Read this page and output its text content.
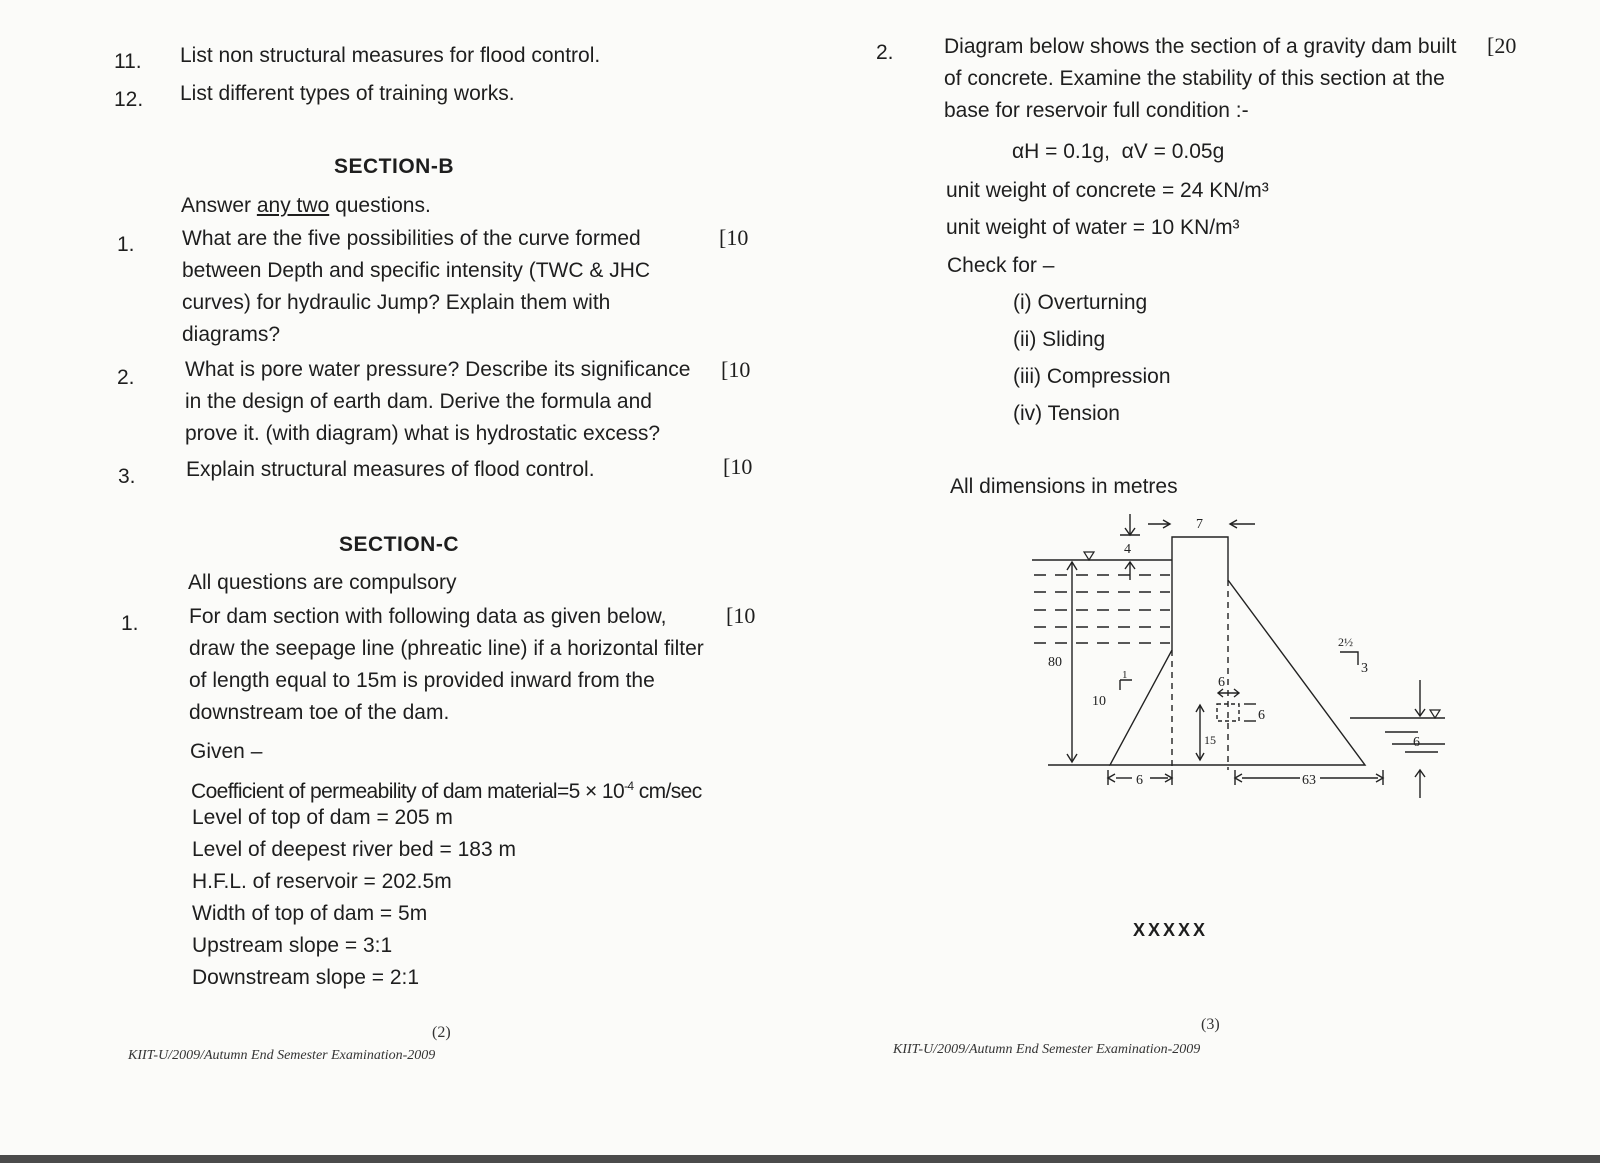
11. List non structural measures for flood control.
12. List different types of training works.
SECTION-B
Answer any two questions.
1. What are the five possibilities of the curve formed
between Depth and specific intensity (TWC & JHC
curves) for hydraulic Jump? Explain them with
diagrams?
[10
2. What is pore water pressure? Describe its significance
in the design of earth dam. Derive the formula and
prove it. (with diagram) what is hydrostatic excess?
[10
3. Explain structural measures of flood control.	[10
SECTION-C
All questions are compulsory
1. For dam section with following data as given below,
draw the seepage line (phreatic line) if a horizontal filter
of length equal to 15m is provided inward from the
downstream toe of the dam.
[10
Given –
Coefficient of permeability of dam material=5 × $10^{-4}$ cm/sec
Level of top of dam = 205 m
Level of deepest river bed = 183 m
H.F.L. of reservoir = 202.5m
Width of top of dam = 5m
Upstream slope = 3:1
Downstream slope = 2:1
(2)
KIIT-U/2009/Autumn End Semester Examination-2009
2. Diagram below shows the section of a gravity dam built
of concrete. Examine the stability of this section at the
base for reservoir full condition :-
[20
αH = 0.1g, αV = 0.05g
unit weight of concrete = 24 KN/m³
unit weight of water = 10 KN/m³
Check for –
(i) Overturning
(ii) Sliding
(iii) Compression
(iv) Tension
All dimensions in metres
7
4
80
10
1	6
6
15
2½
3
6
6	63
XXXXX
(3)
KIIT-U/2009/Autumn End Semester Examination-2009
